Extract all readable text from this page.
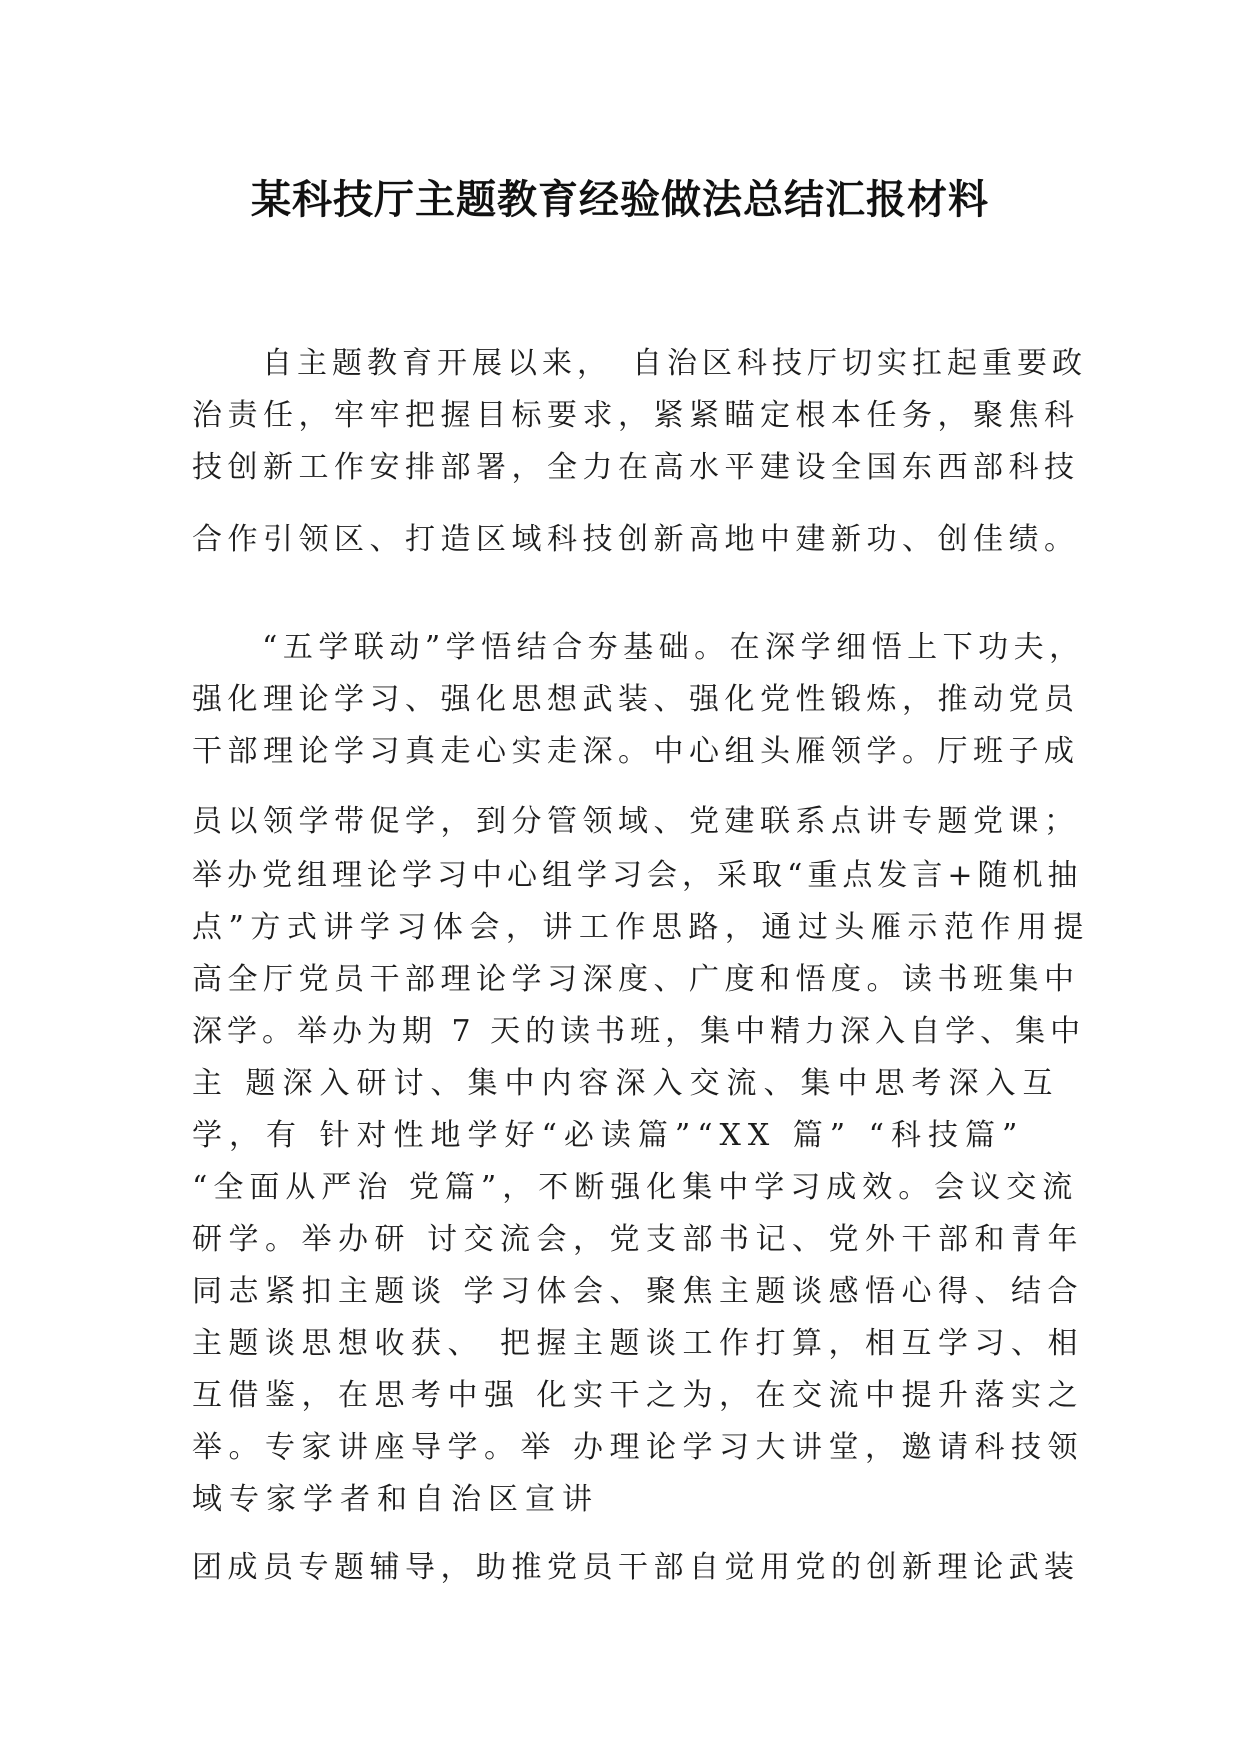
某科技厅主题教育经验做法总结汇报材料
自主题教育开展以来，　自治区科技厅切实扛起重要政
治责任，牢牢把握目标要求，紧紧瞄定根本任务，聚焦科
技创新工作安排部署，全力在高水平建设全国东西部科技
合作引领区、打造区域科技创新高地中建新功、创佳绩。
“五学联动”学悟结合夯基础。在深学细悟上下功夫，
强化理论学习、强化思想武装、强化党性锻炼，推动党员
干部理论学习真走心实走深。中心组头雁领学。厅班子成
员以领学带促学，到分管领域、党建联系点讲专题党课；
举办党组理论学习中心组学习会，采取“重点发言+随机抽
点”方式讲学习体会，讲工作思路，通过头雁示范作用提
高全厅党员干部理论学习深度、广度和悟度。读书班集中
深学。举办为期 7 天的读书班，集中精力深入自学、集中
主 题深入研讨、集中内容深入交流、集中思考深入互
学，有 针对性地学好“必读篇”“XX 篇” “科技篇”
“全面从严治 党篇”，不断强化集中学习成效。会议交流
研学。举办研 讨交流会，党支部书记、党外干部和青年
同志紧扣主题谈 学习体会、聚焦主题谈感悟心得、结合
主题谈思想收获、 把握主题谈工作打算，相互学习、相
互借鉴，在思考中强 化实干之为，在交流中提升落实之
举。专家讲座导学。举 办理论学习大讲堂，邀请科技领
域专家学者和自治区宣讲
团成员专题辅导，助推党员干部自觉用党的创新理论武装
